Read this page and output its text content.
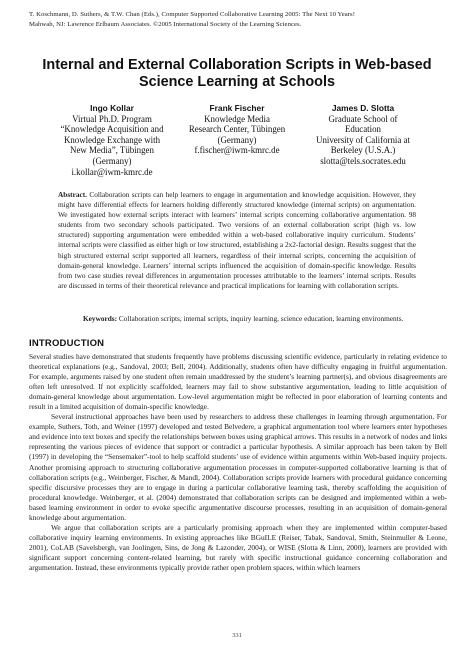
T. Koschmann, D. Suthers, & T.W. Chan (Eds.), Computer Supported Collaborative Learning 2005: The Next 10 Years!
Mahwah, NJ: Lawrence Erlbaum Associates. ©2005 International Society of the Learning Sciences.
Internal and External Collaboration Scripts in Web-based Science Learning at Schools
Ingo Kollar
Virtual Ph.D. Program
“Knowledge Acquisition and
Knowledge Exchange with
New Media”, Tübingen
(Germany)
i.kollar@iwm-kmrc.de
Frank Fischer
Knowledge Media
Research Center, Tübingen
(Germany)
f.fischer@iwm-kmrc.de
James D. Slotta
Graduate School of
Education
University of California at
Berkeley (U.S.A.)
slotta@tels.socrates.edu
Abstract. Collaboration scripts can help learners to engage in argumentation and knowledge acquisition. However, they might have differential effects for learners holding differently structured knowledge (internal scripts) on argumentation. We investigated how external scripts interact with learners’ internal scripts concerning collaborative argumentation. 98 students from two secondary schools participated. Two versions of an external collaboration script (high vs. low structured) supporting argumentation were embedded within a web-based collaborative inquiry curriculum. Students’ internal scripts were classified as either high or low structured, establishing a 2x2-factorial design. Results suggest that the high structured external script supported all learners, regardless of their internal scripts, concerning the acquisition of domain-general knowledge. Learners’ internal scripts influenced the acquisition of domain-specific knowledge. Results from two case studies reveal differences in argumentation processes attributable to the learners’ internal scripts. Results are discussed in terms of their theoretical relevance and practical implications for learning with collaboration scripts.
Keywords: Collaboration scripts, internal scripts, inquiry learning, science education, learning environments.
INTRODUCTION

Several studies have demonstrated that students frequently have problems discussing scientific evidence, particularly in relating evidence to theoretical explanations (e.g., Sandoval, 2003; Bell, 2004). Additionally, students often have difficulty engaging in fruitful argumentation. For example, arguments raised by one student often remain unaddressed by the student’s learning partner(s), and obvious disagreements are often left unresolved. If not explicitly scaffolded, learners may fail to show substantive argumentation, leading to little acquisition of domain-general knowledge about argumentation. Low-level argumentation might be reflected in poor elaboration of learning contents and result in a limited acquisition of domain-specific knowledge.

Several instructional approaches have been used by researchers to address these challenges in learning through argumentation. For example, Suthers, Toth, and Weiner (1997) developed and tested Belvedere, a graphical argumentation tool where learners enter hypotheses and evidence into text boxes and specify the relationships between boxes using graphical arrows. This results in a network of nodes and links representing the various pieces of evidence that support or contradict a particular hypothesis. A similar approach has been taken by Bell (1997) in developing the “Sensemaker”-tool to help scaffold students’ use of evidence within arguments within Web-based inquiry projects. Another promising approach to structuring collaborative argumentation processes in computer-supported collaborative learning is that of collaboration scripts (e.g., Weinberger, Fischer, & Mandl, 2004). Collaboration scripts provide learners with procedural guidance concerning specific discursive processes they are to engage in during a particular collaborative learning task, thereby scaffolding the acquisition of procedural knowledge. Weinberger, et al. (2004) demonstrated that collaboration scripts can be designed and implemented within a web-based learning environment in order to evoke specific argumentative discourse processes, resulting in an acquisition of domain-general knowledge about argumentation.

We argue that collaboration scripts are a particularly promising approach when they are implemented within computer-based collaborative inquiry learning environments. In existing approaches like BGuILE (Reiser, Tabak, Sandoval, Smith, Steinmuller & Leone, 2001), CoLAB (Savelsbergh, van Joolingen, Sins, de Jong & Lazonder, 2004), or WISE (Slotta & Linn, 2000), learners are provided with significant support concerning content-related learning, but rarely with specific instructional guidance concerning collaboration and argumentation. Instead, these environments typically provide rather open problem spaces, within which learners

331
